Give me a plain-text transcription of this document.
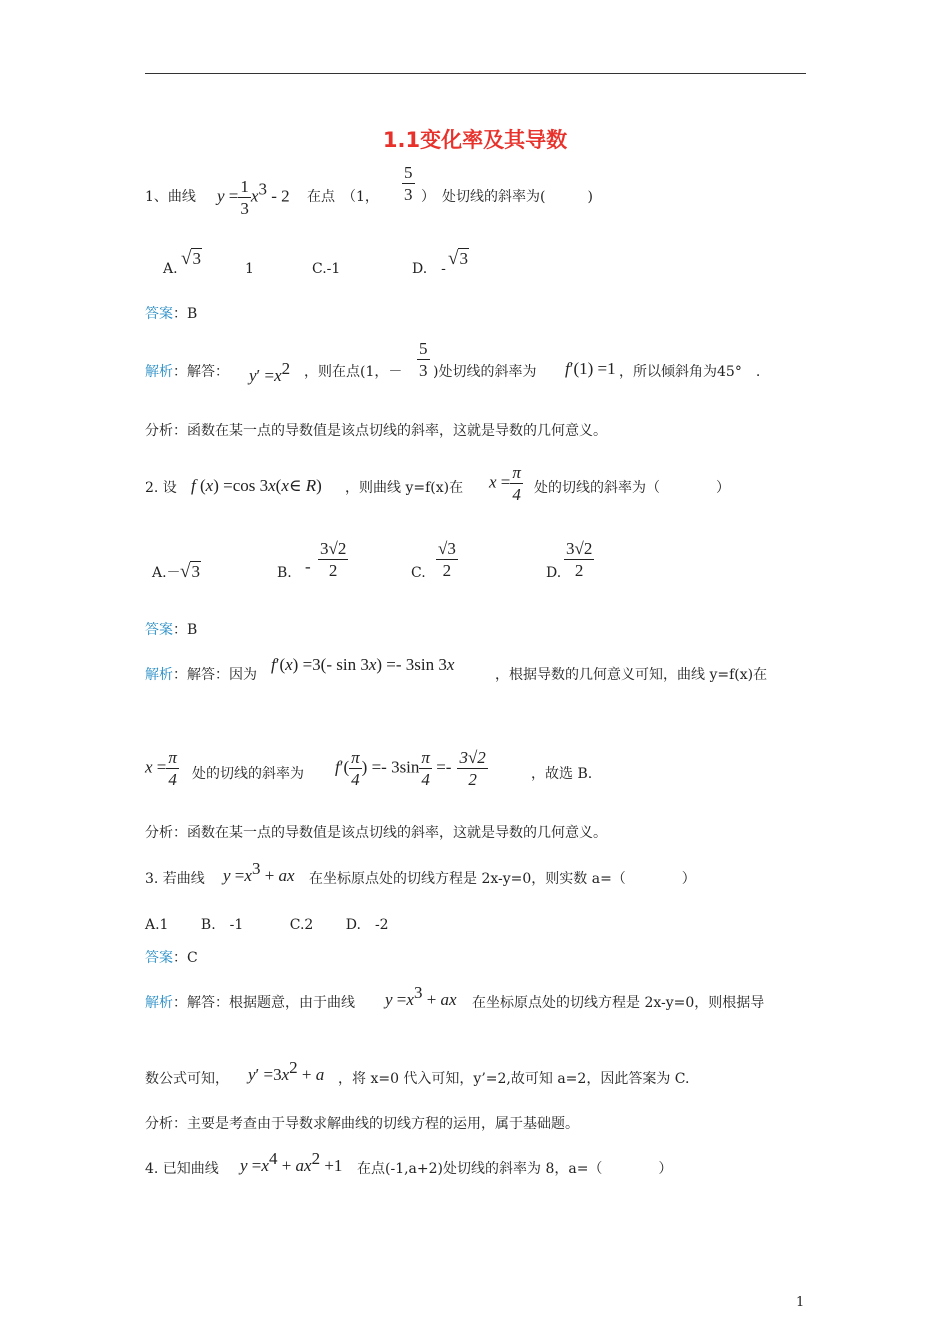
1.1变化率及其导数
1、曲线 $y = \frac{1}{3} x^3 - 2$ 在点　（1， $\frac{5}{3}$ ）　处切线的斜率为(　　　)
A. √3
1	C.-1	D.　- √3
答案：B
解析：解答： $y' =x^2$ ，则在点(1，－ $\frac{5}{3}$ )处切线的斜率为 f′(1) =1 ，所以倾斜角为45°　.
分析：函数在某一点的导数值是该点切线的斜率，这就是导数的几何意义。
2. 设 f (x) =cos 3x(x∈ R) ，则曲线 y=f(x)在 $x = \frac{\pi}{4}$ 处的切线的斜率为（　　　　）
A.－ √3	B. - $\frac{3√2}{2}$	C. $\frac{√3}{2}$	D. $\frac{3√2}{2}$
答案：B
解析：解答：因为
f′(x) =3(- sin 3x) =- 3sin 3x
，根据导数的几何意义可知，曲线 y=f(x)在
$x = \frac{\pi}{4}$ 处的切线的斜率为 $f'( \frac{\pi}{4}$ ) =- $3\sin \frac{\pi}{4} =- \frac{3√2}{2}$	，故选 B.
分析：函数在某一点的导数值是该点切线的斜率，这就是导数的几何意义。
3. 若曲线 $y =x^3$ + ax 在坐标原点处的切线方程是 2x-y=0，则实数 a=（　　　　）
A.1　　 B.　-1　　　 C.2　　 D.　-2
答案：C
解析：解答：根据题意，由于曲线 $y =x^3$ + ax 在坐标原点处的切线方程是 2x-y=0，则根据导
数公式可知， $y' =3x^2 + a$ ，将 x=0 代入可知，y’=2,故可知 a=2，因此答案为 C.
分析：主要是考查由于导数求解曲线的切线方程的运用，属于基础题。
4. 已知曲线 $y =x^4 + ax^2 +1$ 在点(-1,a+2)处切线的斜率为 8，a=（　　　　）
1
